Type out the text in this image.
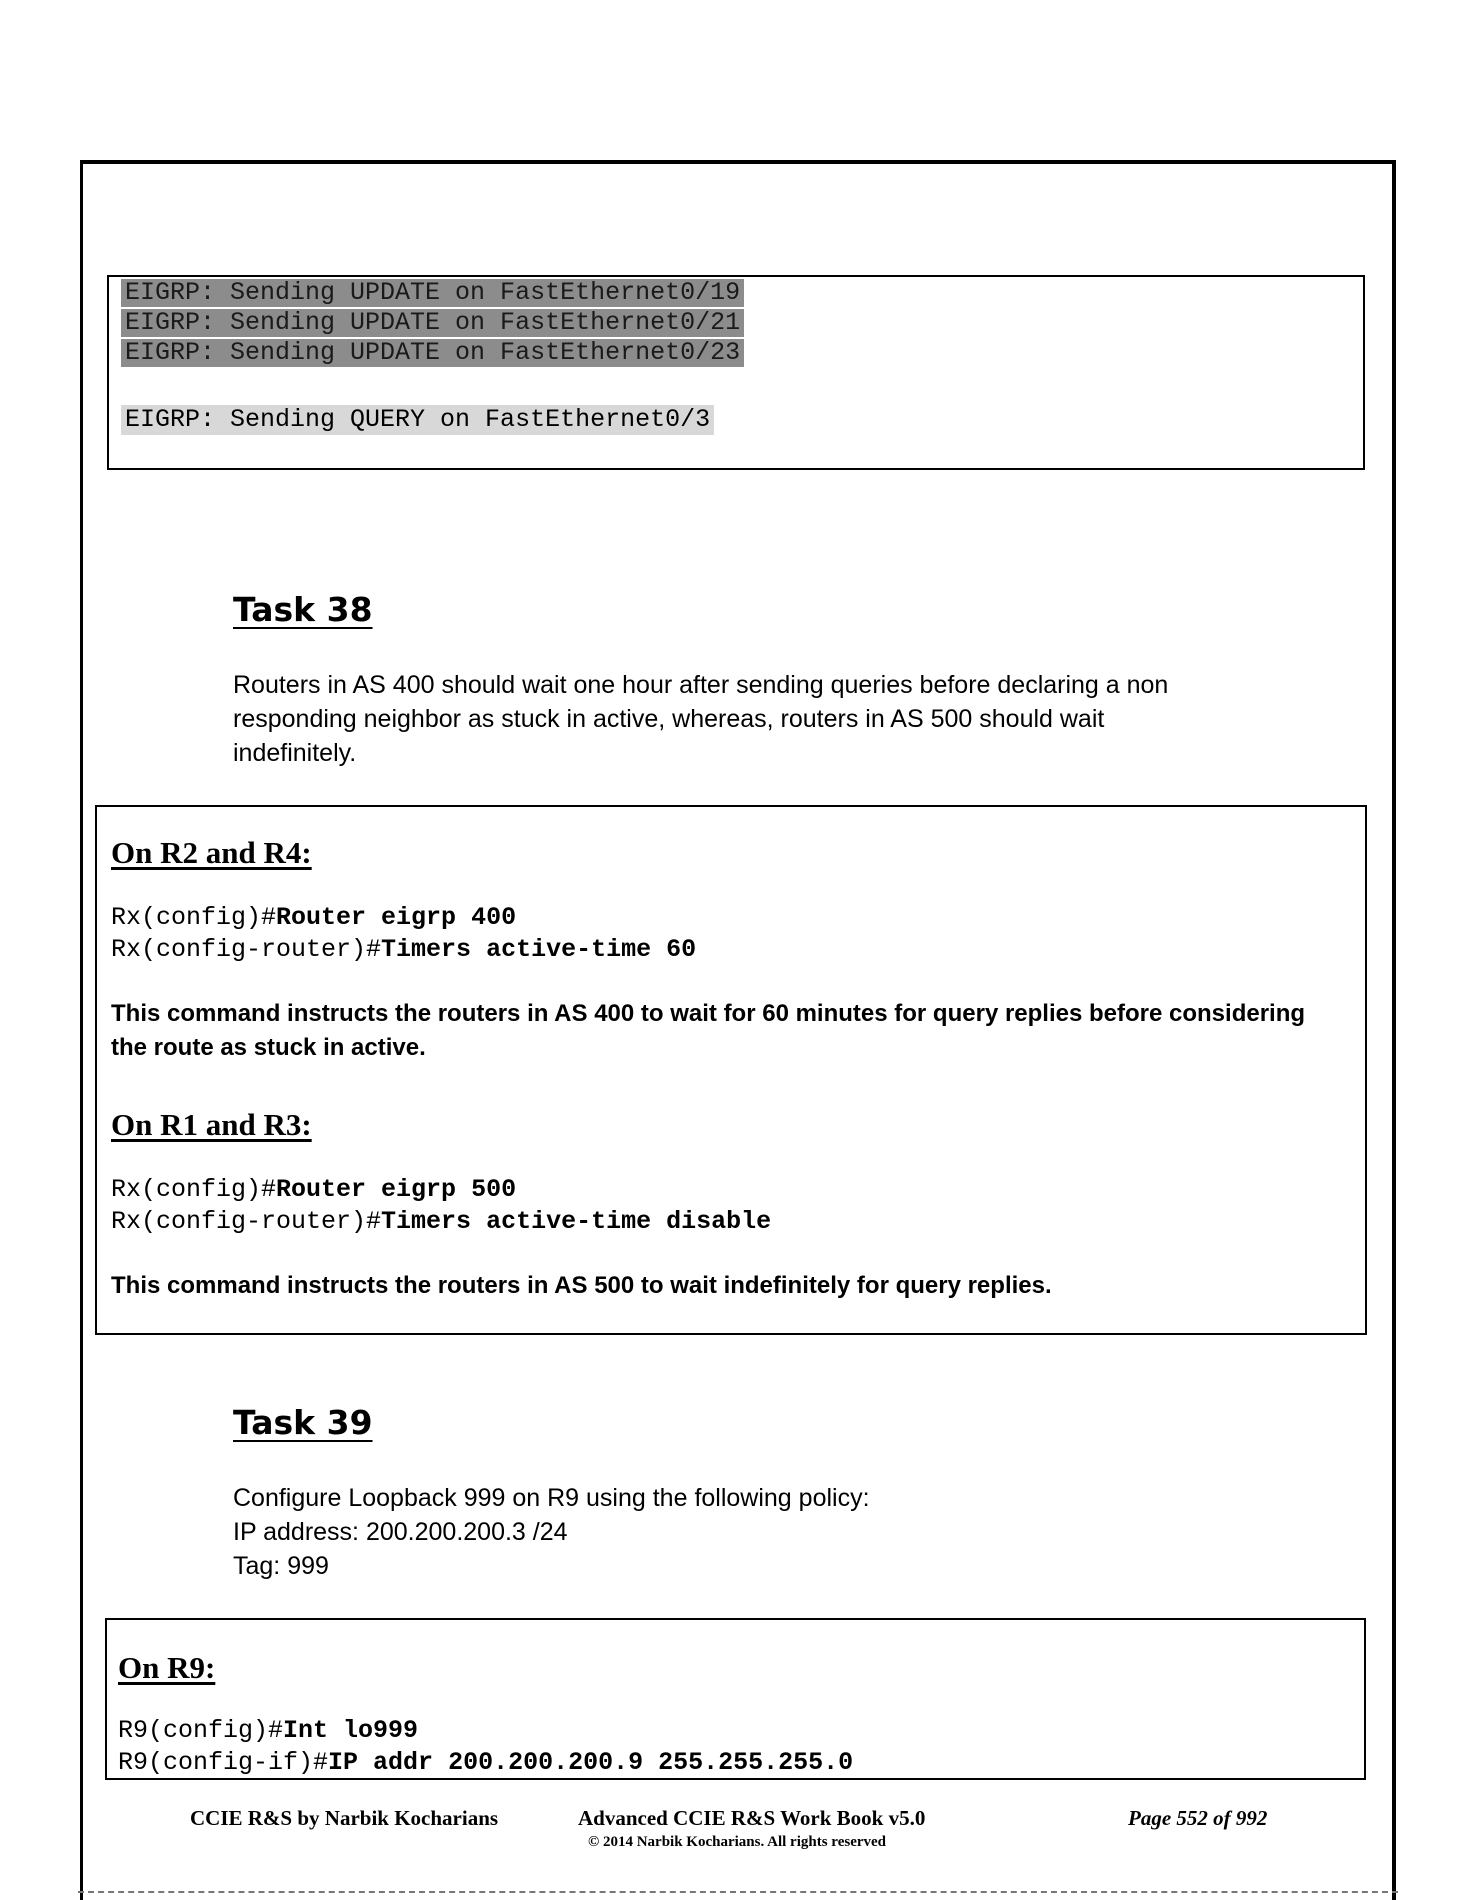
EIGRP: Sending UPDATE on FastEthernet0/19
EIGRP: Sending UPDATE on FastEthernet0/21
EIGRP: Sending UPDATE on FastEthernet0/23
EIGRP: Sending QUERY on FastEthernet0/3
Task 38

Routers in AS 400 should wait one hour after sending queries before declaring a non responding neighbor as stuck in active, whereas, routers in AS 500 should wait indefinitely.

On R2 and R4:
Rx(config)#Router eigrp 400
Rx(config-router)#Timers active-time 60
This command instructs the routers in AS 400 to wait for 60 minutes for query replies before considering the route as stuck in active.
On R1 and R3:
Rx(config)#Router eigrp 500
Rx(config-router)#Timers active-time disable
This command instructs the routers in AS 500 to wait indefinitely for query replies.
Task 39

Configure Loopback 999 on R9 using the following policy:

IP address: 200.200.200.3 /24

Tag: 999

On R9:
R9(config)#Int lo999
R9(config-if)#IP addr 200.200.200.9 255.255.255.0
CCIE R&S by Narbik Kocharians	Advanced CCIE R&S Work Book v5.0
© 2014 Narbik Kocharians. All rights reserved
Page 552 of 992
